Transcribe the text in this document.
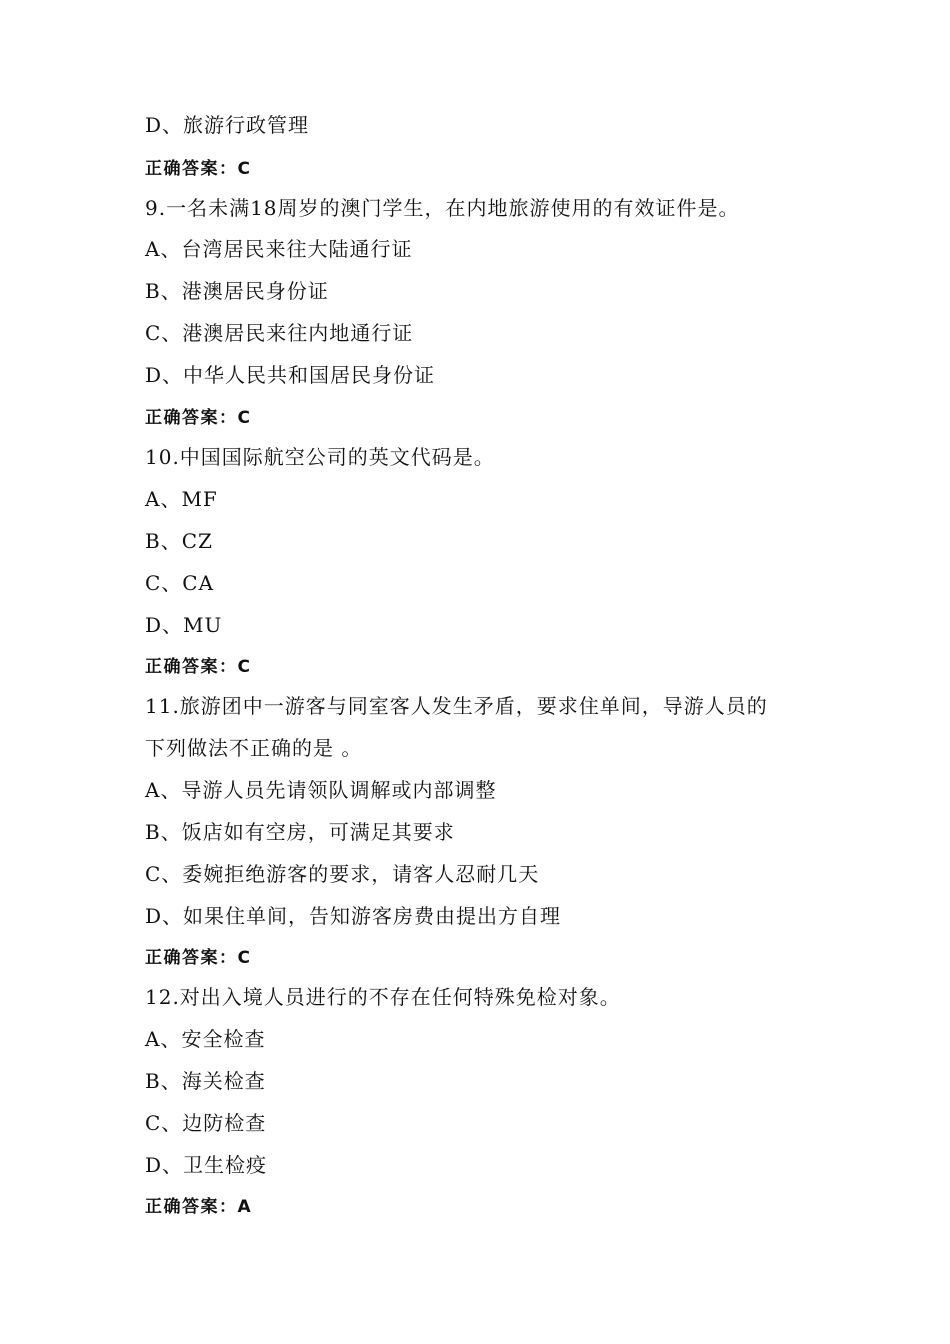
D、旅游行政管理
正确答案：C
9.一名未满18周岁的澳门学生，在内地旅游使用的有效证件是。
A、台湾居民来往大陆通行证
B、港澳居民身份证
C、港澳居民来往内地通行证
D、中华人民共和国居民身份证
正确答案：C
10.中国国际航空公司的英文代码是。
A、MF
B、CZ
C、CA
D、MU
正确答案：C
11.旅游团中一游客与同室客人发生矛盾，要求住单间，导游人员的
下列做法不正确的是 。
A、导游人员先请领队调解或内部调整
B、饭店如有空房，可满足其要求
C、委婉拒绝游客的要求，请客人忍耐几天
D、如果住单间，告知游客房费由提出方自理
正确答案：C
12.对出入境人员进行的不存在任何特殊免检对象。
A、安全检查
B、海关检查
C、边防检查
D、卫生检疫
正确答案：A
